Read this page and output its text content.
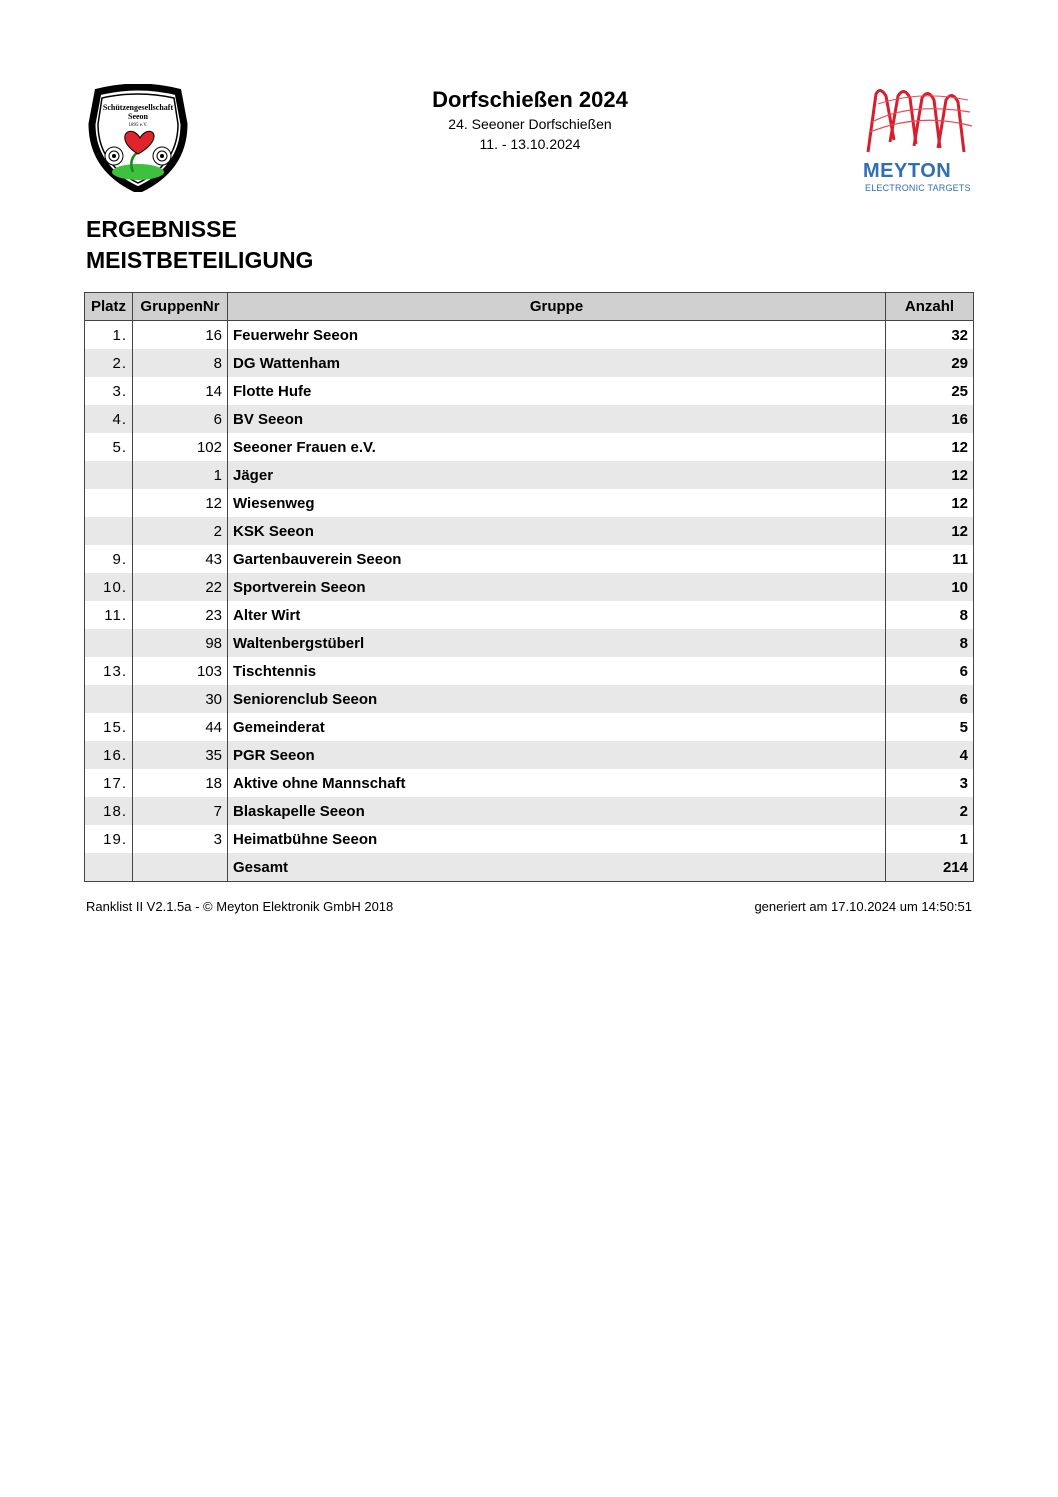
Schützengesellschaft
Seeon
1895 e.V.
Dorfschießen 2024
24. Seeoner Dorfschießen
11. - 13.10.2024
MEYTON
ELECTRONIC TARGETS
ERGEBNISSE
MEISTBETEILIGUNG
Platz	GruppenNr	Gruppe	Anzahl
1.	16	Feuerwehr Seeon	32
2.	8	DG Wattenham	29
3.	14	Flotte Hufe	25
4.	6	BV Seeon	16
5.	102	Seeoner Frauen e.V.	12
	1	Jäger	12
	12	Wiesenweg	12
	2	KSK Seeon	12
9.	43	Gartenbauverein Seeon	11
10.	22	Sportverein Seeon	10
11.	23	Alter Wirt	8
	98	Waltenbergstüberl	8
13.	103	Tischtennis	6
	30	Seniorenclub Seeon	6
15.	44	Gemeinderat	5
16.	35	PGR Seeon	4
17.	18	Aktive ohne Mannschaft	3
18.	7	Blaskapelle Seeon	2
19.	3	Heimatbühne Seeon	1
		Gesamt	214
Ranklist II V2.1.5a - © Meyton Elektronik GmbH 2018	generiert am 17.10.2024 um 14:50:51
